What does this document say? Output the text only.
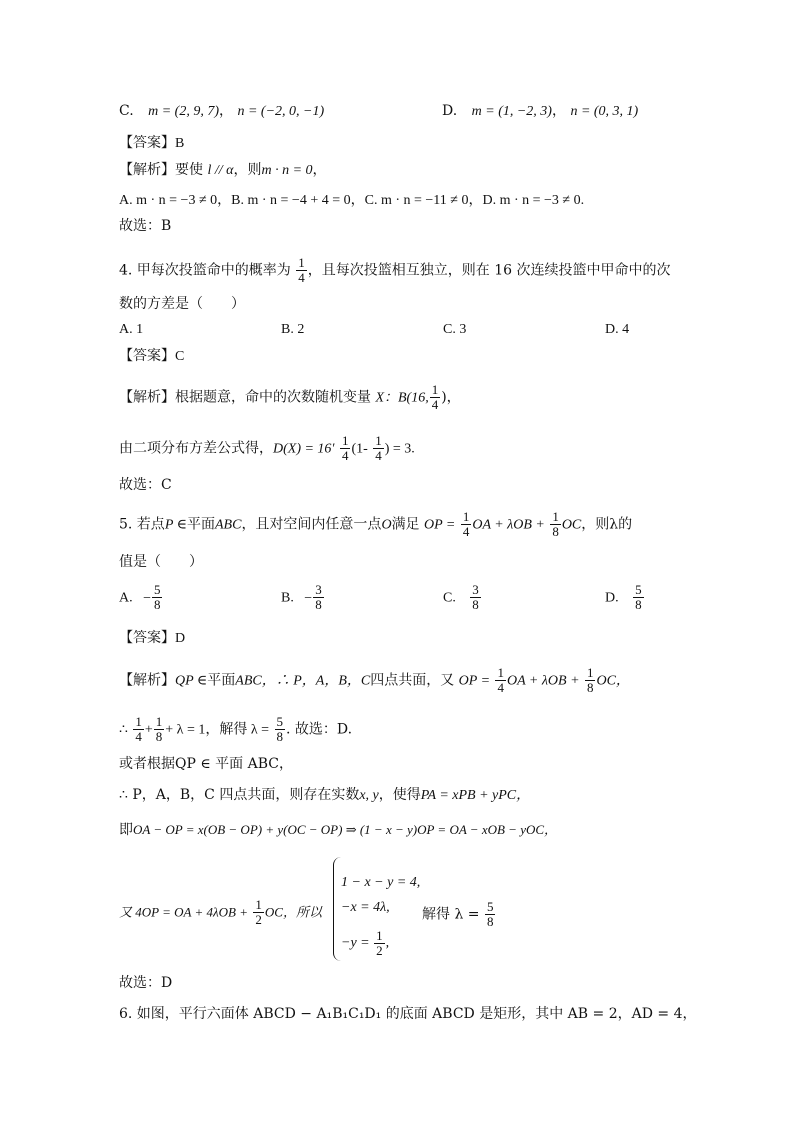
C. m = (2, 9, 7)， n = (−2, 0, −1)	D. m = (1, −2, 3)， n = (0, 3, 1)
【答案】B
【解析】要使 l // α，则m · n = 0，
A. m · n = −3 ≠ 0，B. m · n = −4 + 4 = 0，C. m · n = −11 ≠ 0，D. m · n = −3 ≠ 0.
故选：B
4. 甲每次投篮命中的概率为 $\frac{1}{4}$ ，且每次投篮相互独立，则在 16 次连续投篮中甲命中的次
数的方差是（　　）
A. 1	B. 2	C. 3	D. 4
【答案】C
【解析】根据题意，命中的次数随机变量 X：B(16, $\frac{1}{4}$ )，
由二项分布方差公式得，$D(X) = 16' \frac{1}{4} (1- \frac{1}{4}$ ) = 3.
故选：C
5. 若点P ∈平面ABC，且对空间内任意一点O满足 OP = $\frac{1}{4}$ OA + $\lambda OB + \frac{1}{8}$ OC，则λ的
值是（　　）
A. − $\frac{5}{8}$	B. − $\frac{3}{8}$	C. $\frac{3}{8}$	D. $\frac{5}{8}$
【答案】D
【解析】QP ∈平面ABC，∴ P，A，B，C四点共面，又 OP = $\frac{1}{4}$ OA + $\lambda OB + \frac{1}{8}$ OC，
∴ $\frac{1}{4} + \frac{1}{8} + \lambda = 1$，解得 $\lambda = \frac{5}{8}$ . 故选：D.
或者根据QP ∈ 平面 ABC，
∴ P，A，B，C 四点共面，则存在实数x, y，使得PA = xPB + yPC，
即OA − OP = x(OB − OP) + y(OC − OP) ⇒ (1 − x − y)OP = OA − xOB − yOC，
又 4OP = OA + $4\lambda OB + \frac{1}{2}$ OC，所以
1 − x − y = 4,
−x = 4λ,
$-y = \frac{1}{2}$ ,
解得 $\lambda = \frac{5}{8}$
故选：D
6. 如图，平行六面体 ABCD − A₁B₁C₁D₁ 的底面 ABCD 是矩形，其中 AB = 2，AD = 4，
